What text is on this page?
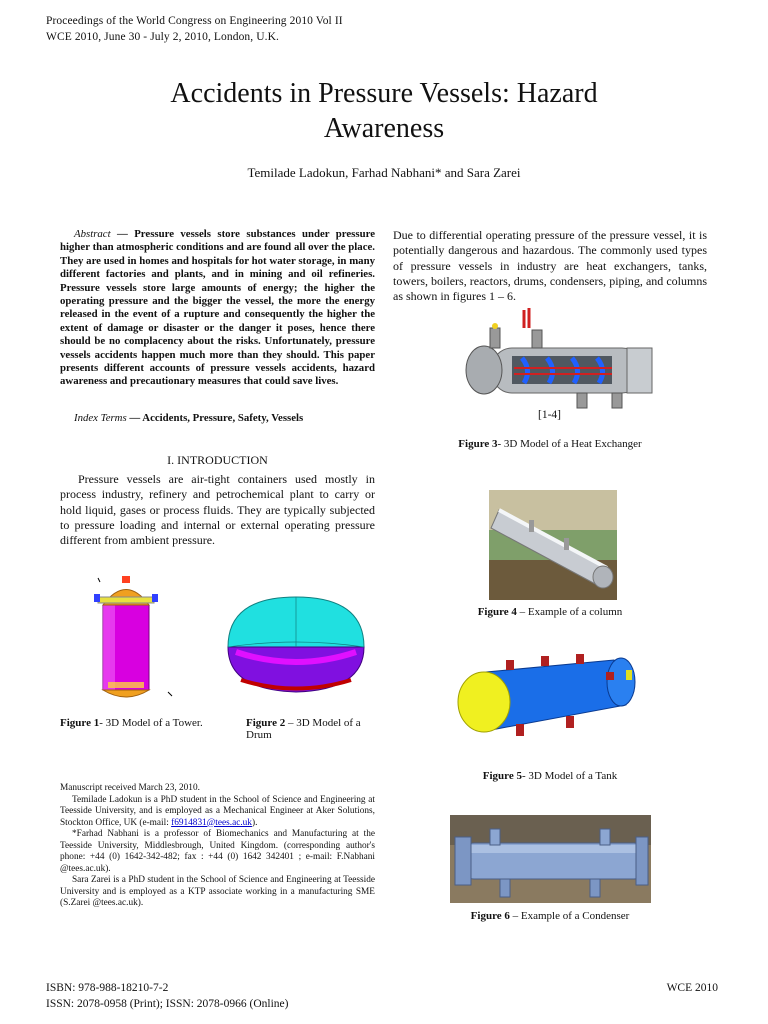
Proceedings of the World Congress on Engineering 2010 Vol II
WCE 2010, June 30 - July 2, 2010, London, U.K.
Accidents in Pressure Vessels: Hazard
Awareness
Temilade Ladokun, Farhad Nabhani* and Sara Zarei
Abstract — Pressure vessels store substances under pressure higher than atmospheric conditions and are found all over the place. They are used in homes and hospitals for hot water storage, in many different factories and plants, and in mining and oil refineries. Pressure vessels store large amounts of energy; the higher the operating pressure and the bigger the vessel, the more the energy released in the event of a rupture and consequently the higher the extent of damage or disaster or the danger it poses, hence there should be no complacency about the risks. Unfortunately, pressure vessels accidents happen much more than they should. This paper presents different accounts of pressure vessels accidents, hazard awareness and precautionary measures that could save lives.
Index Terms — Accidents, Pressure, Safety, Vessels
I. INTRODUCTION
Pressure vessels are air-tight containers used mostly in process industry, refinery and petrochemical plant to carry or hold liquid, gases or process fluids. They are typically subjected to pressure loading and internal or external operating pressure different from ambient pressure.
Figure 1- 3D Model of a Tower.	Figure 2 – 3D Model of a Drum
Manuscript received March 23, 2010.
Temilade Ladokun is a PhD student in the School of Science and Engineering at Teesside University, and is employed as a Mechanical Engineer at Aker Solutions, Stockton Office, UK (e-mail: f6914831@tees.ac.uk).
*Farhad Nabhani is a professor of Biomechanics and Manufacturing at the Teesside University, Middlesbrough, United Kingdom. (corresponding author's phone: +44 (0) 1642-342-482; fax : +44 (0) 1642 342401 ; e-mail: F.Nabhani @tees.ac.uk).
Sara Zarei is a PhD student in the School of Science and Engineering at Teesside University and is employed as a KTP associate working in a manufacturing SME (S.Zarei @tees.ac.uk).
Due to differential operating pressure of the pressure vessel, it is potentially dangerous and hazardous. The commonly used types of pressure vessels in industry are heat exchangers, tanks, towers, boilers, reactors, drums, condensers, piping, and columns as shown in figures 1 – 6.
[1-4]
Figure 3- 3D Model of a Heat Exchanger
Figure 4 – Example of a column
Figure 5- 3D Model of a Tank
Figure 6 – Example of a Condenser
ISBN: 978-988-18210-7-2
ISSN: 2078-0958 (Print); ISSN: 2078-0966 (Online)
WCE 2010
